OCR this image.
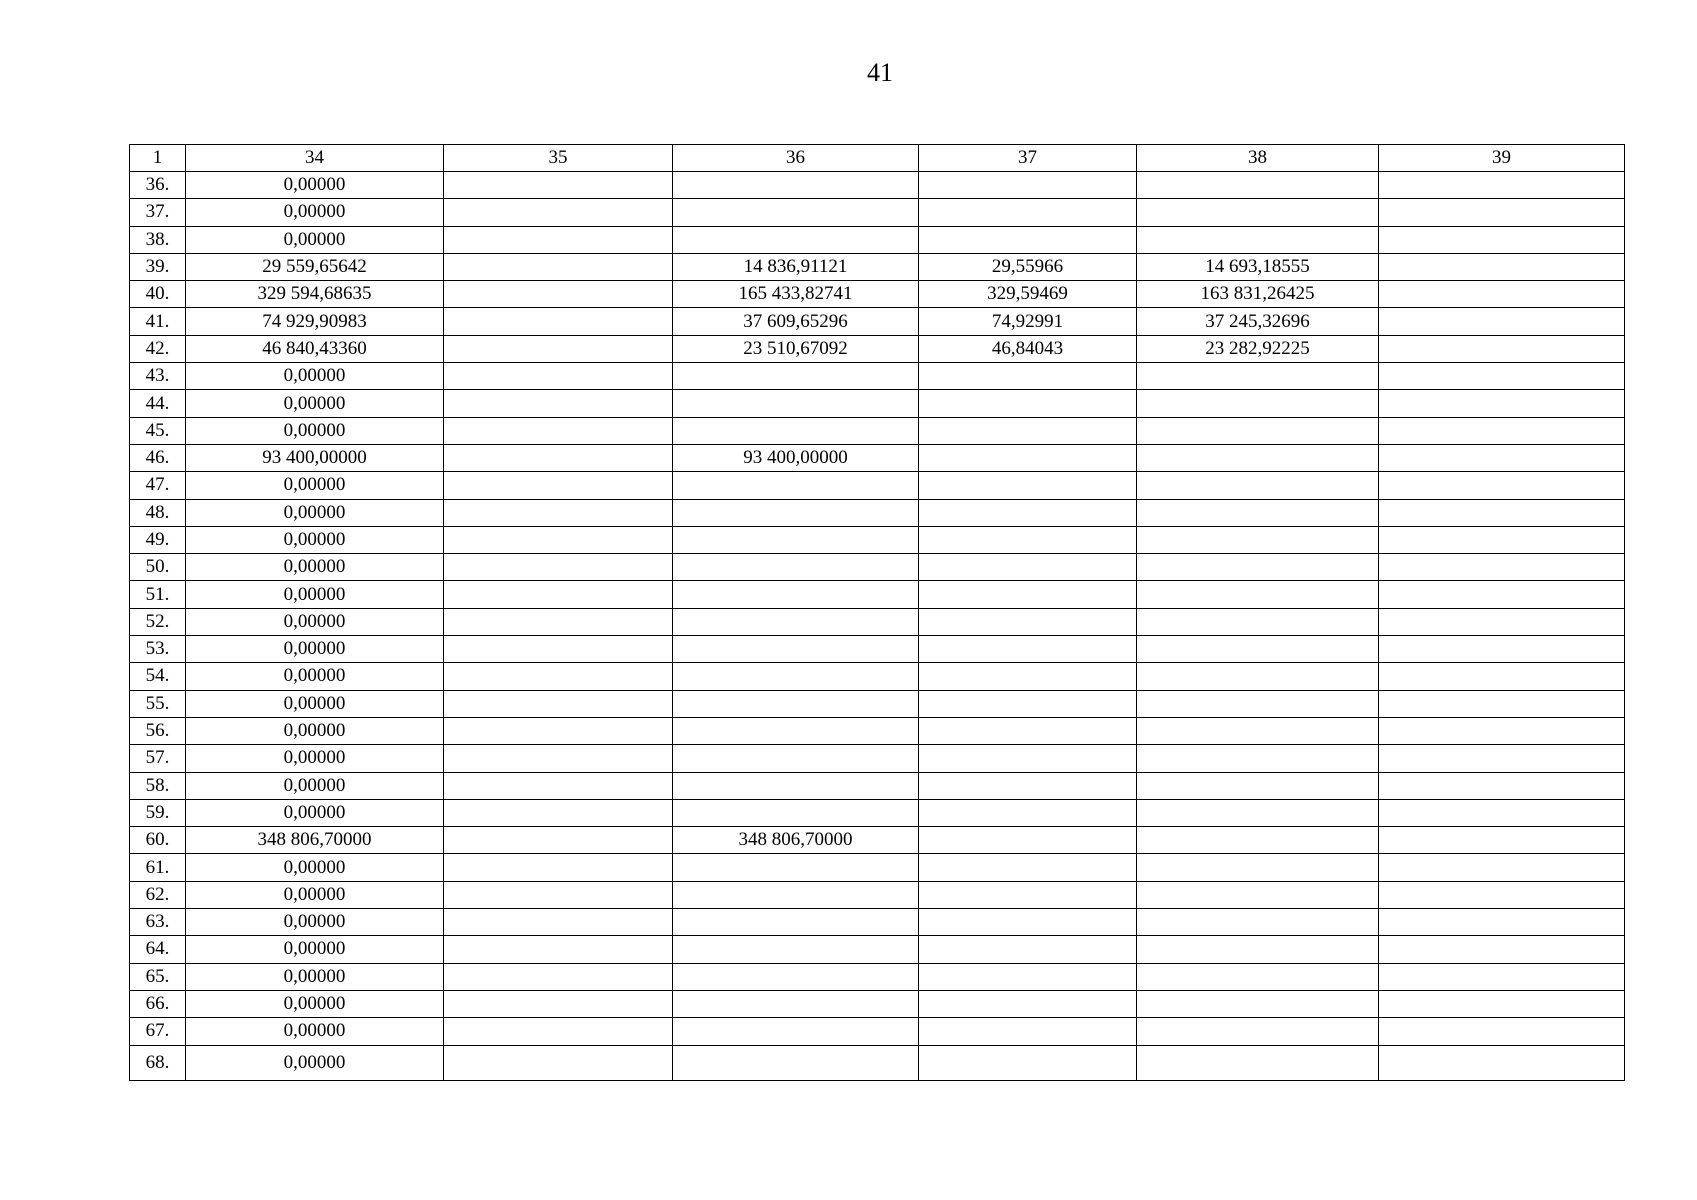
41
1	34	35	36	37	38	39
36.	0,00000					
37.	0,00000					
38.	0,00000					
39.	29 559,65642		14 836,91121	29,55966	14 693,18555	
40.	329 594,68635		165 433,82741	329,59469	163 831,26425	
41.	74 929,90983		37 609,65296	74,92991	37 245,32696	
42.	46 840,43360		23 510,67092	46,84043	23 282,92225	
43.	0,00000					
44.	0,00000					
45.	0,00000					
46.	93 400,00000		93 400,00000			
47.	0,00000					
48.	0,00000					
49.	0,00000					
50.	0,00000					
51.	0,00000					
52.	0,00000					
53.	0,00000					
54.	0,00000					
55.	0,00000					
56.	0,00000					
57.	0,00000					
58.	0,00000					
59.	0,00000					
60.	348 806,70000		348 806,70000			
61.	0,00000					
62.	0,00000					
63.	0,00000					
64.	0,00000					
65.	0,00000					
66.	0,00000					
67.	0,00000					
68.	0,00000					
